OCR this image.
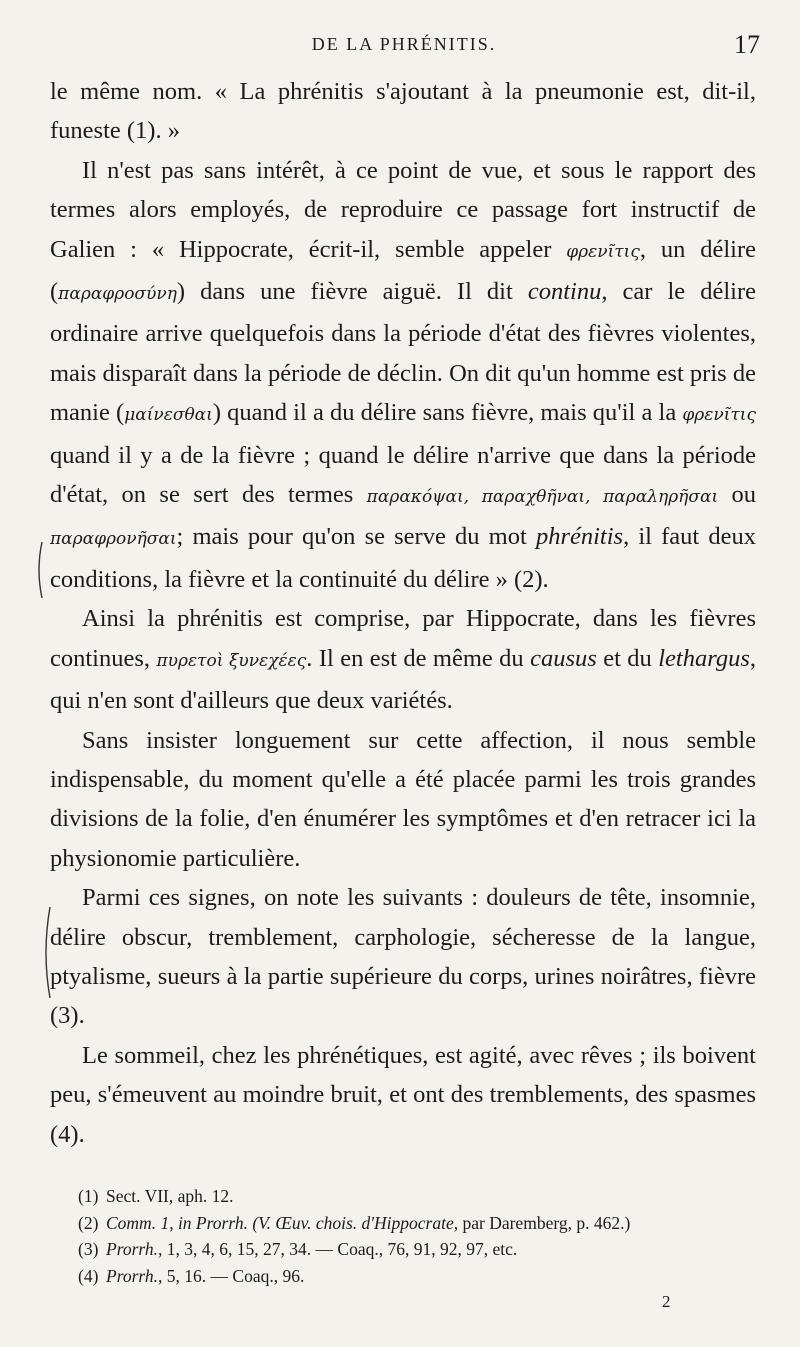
DE LA PHRÉNITIS.	17

le même nom. « La phrénitis s'ajoutant à la pneumonie est, dit-il, funeste (1). »

Il n'est pas sans intérêt, à ce point de vue, et sous le rapport des termes alors employés, de reproduire ce passage fort instructif de Galien : « Hippocrate, écrit-il, semble appeler φρενῖτις, un délire (παραφροσύνη) dans une fièvre aiguë. Il dit continu, car le délire ordinaire arrive quelquefois dans la période d'état des fièvres violentes, mais disparaît dans la période de déclin. On dit qu'un homme est pris de manie (μαίνεσθαι) quand il a du délire sans fièvre, mais qu'il a la φρενῖτις quand il y a de la fièvre ; quand le délire n'arrive que dans la période d'état, on se sert des termes παρακόψαι, παραχθῆναι, παραληρῆσαι ou παραφρονῆσαι; mais pour qu'on se serve du mot phrénitis, il faut deux conditions, la fièvre et la continuité du délire » (2).

Ainsi la phrénitis est comprise, par Hippocrate, dans les fièvres continues, πυρετοὶ ξυνεχέες. Il en est de même du causus et du lethargus, qui n'en sont d'ailleurs que deux variétés.

Sans insister longuement sur cette affection, il nous semble indispensable, du moment qu'elle a été placée parmi les trois grandes divisions de la folie, d'en énumérer les symptômes et d'en retracer ici la physionomie particulière.

Parmi ces signes, on note les suivants : douleurs de tête, insomnie, délire obscur, tremblement, carphologie, sécheresse de la langue, ptyalisme, sueurs à la partie supérieure du corps, urines noirâtres, fièvre (3).

Le sommeil, chez les phrénétiques, est agité, avec rêves ; ils boivent peu, s'émeuvent au moindre bruit, et ont des tremblements, des spasmes (4).

(1) Sect. VII, aph. 12.
(2) Comm. 1, in Prorrh. (V. Œuv. chois. d'Hippocrate, par Daremberg, p. 462.)
(3) Prorrh., 1, 3, 4, 6, 15, 27, 34. — Coaq., 76, 91, 92, 97, etc.
(4) Prorrh., 5, 16. — Coaq., 96.
2
